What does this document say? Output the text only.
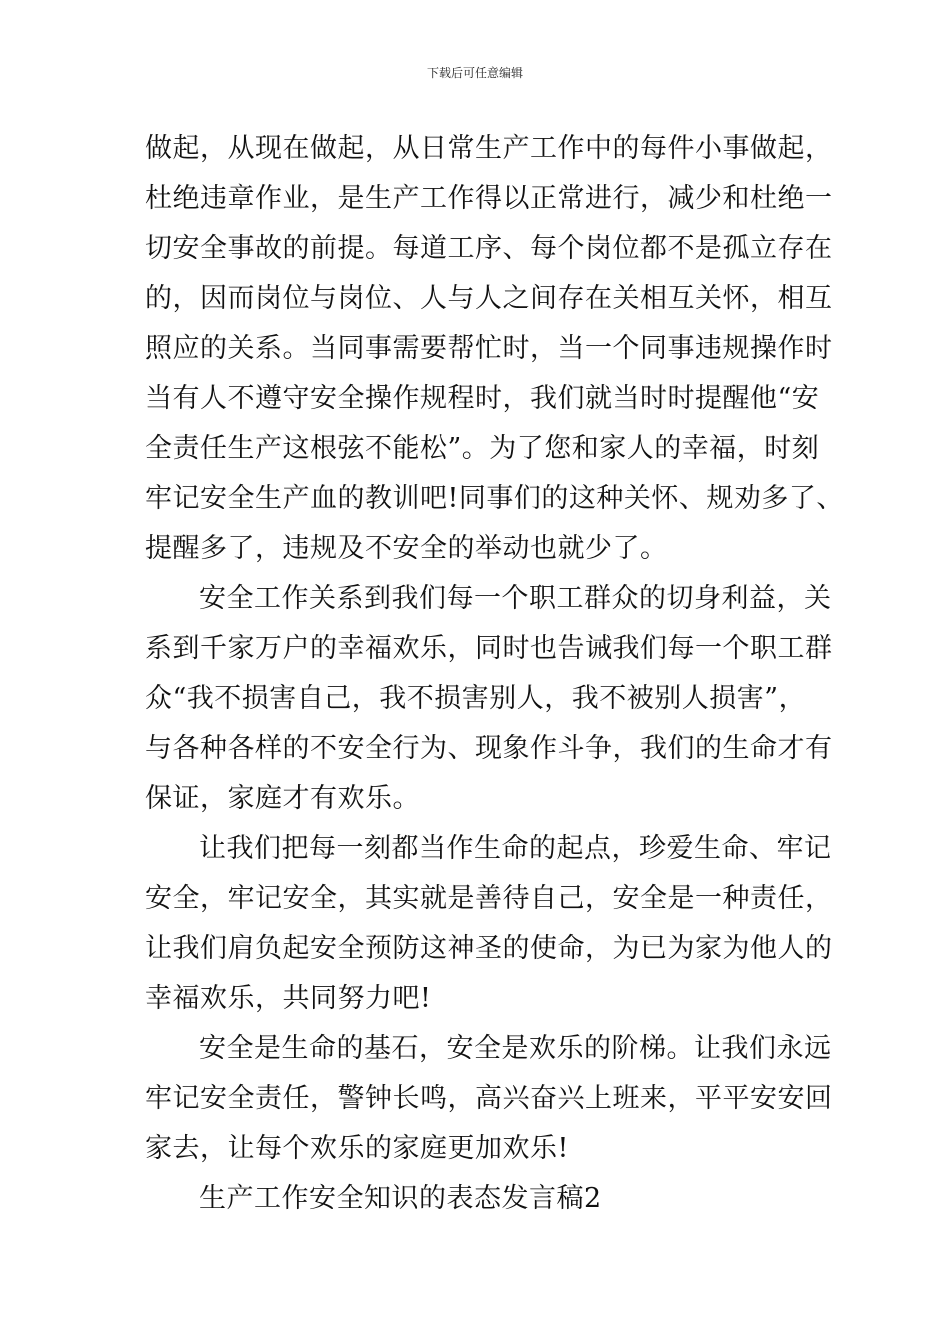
下载后可任意编辑
做起，从现在做起，从日常生产工作中的每件小事做起，
杜绝违章作业，是生产工作得以正常进行，减少和杜绝一
切安全事故的前提。每道工序、每个岗位都不是孤立存在
的，因而岗位与岗位、人与人之间存在关相互关怀，相互
照应的关系。当同事需要帮忙时，当一个同事违规操作时
当有人不遵守安全操作规程时，我们就当时时提醒他“安
全责任生产这根弦不能松”。为了您和家人的幸福，时刻
牢记安全生产血的教训吧!同事们的这种关怀、规劝多了、
提醒多了，违规及不安全的举动也就少了。
安全工作关系到我们每一个职工群众的切身利益，关
系到千家万户的幸福欢乐，同时也告诫我们每一个职工群
众“我不损害自己，我不损害别人，我不被别人损害”，
与各种各样的不安全行为、现象作斗争，我们的生命才有
保证，家庭才有欢乐。
让我们把每一刻都当作生命的起点，珍爱生命、牢记
安全，牢记安全，其实就是善待自己，安全是一种责任，
让我们肩负起安全预防这神圣的使命，为已为家为他人的
幸福欢乐，共同努力吧!
安全是生命的基石，安全是欢乐的阶梯。让我们永远
牢记安全责任，警钟长鸣，高兴奋兴上班来，平平安安回
家去，让每个欢乐的家庭更加欢乐!
生产工作安全知识的表态发言稿2
